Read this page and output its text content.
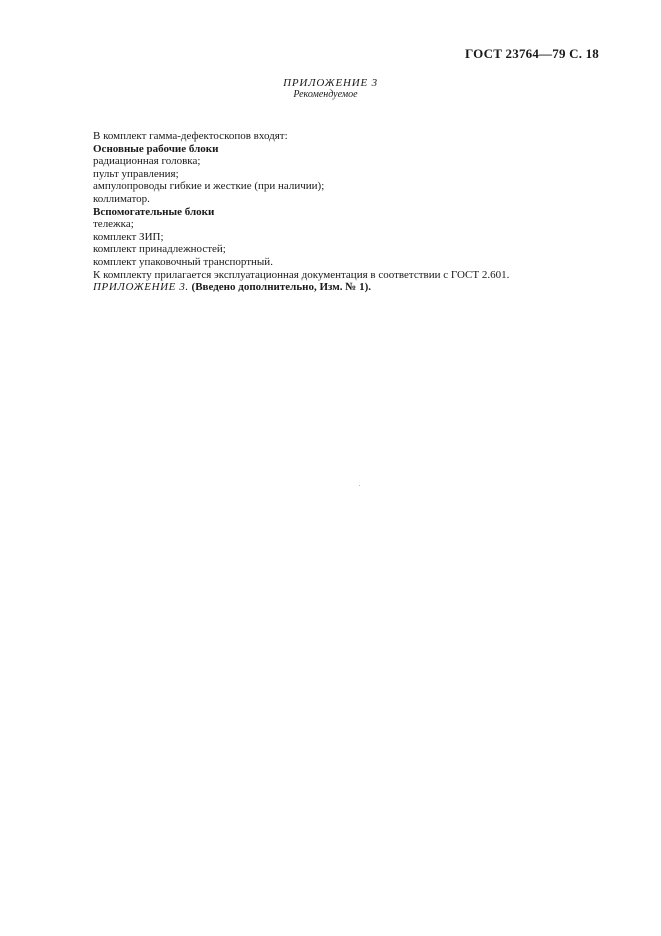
ГОСТ 23764—79 С. 18
ПРИЛОЖЕНИЕ 3
Рекомендуемое
В комплект гамма-дефектоскопов входят:
Основные рабочие блоки
радиационная головка;
пульт управления;
ампулопроводы гибкие и жесткие (при наличии);
коллиматор.
Вспомогательные блоки
тележка;
комплект ЗИП;
комплект принадлежностей;
комплект упаковочный транспортный.
К комплекту прилагается эксплуатационная документация в соответствии с ГОСТ 2.601.
ПРИЛОЖЕНИЕ 3. (Введено дополнительно, Изм. № 1).
